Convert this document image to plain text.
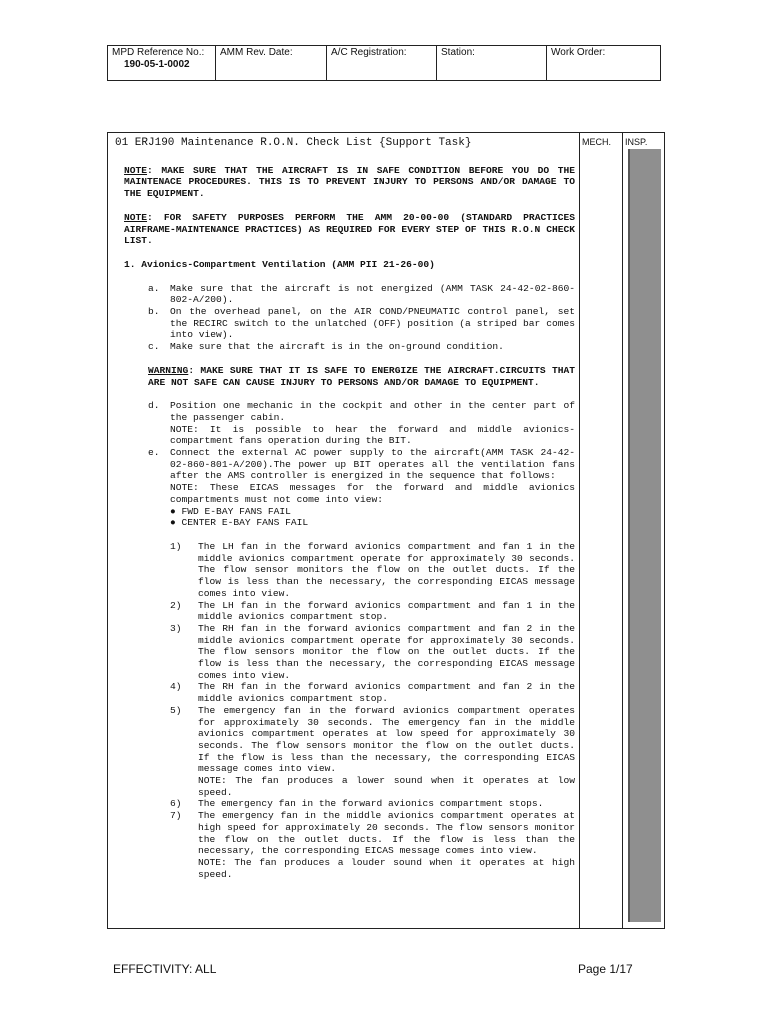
MPD Reference No.:
190-05-1-0002
AMM Rev. Date:	A/C Registration:	Station:	Work Order:
01 ERJ190 Maintenance R.O.N. Check List {Support Task}
NOTE: MAKE SURE THAT THE AIRCRAFT IS IN SAFE CONDITION BEFORE YOU DO THE MAINTENACE PROCEDURES. THIS IS TO PREVENT INJURY TO PERSONS AND/OR DAMAGE TO THE EQUIPMENT.
NOTE: FOR SAFETY PURPOSES PERFORM THE AMM 20-00-00 (STANDARD PRACTICES AIRFRAME-MAINTENANCE PRACTICES) AS REQUIRED FOR EVERY STEP OF THIS R.O.N CHECK LIST.
1. Avionics-Compartment Ventilation (AMM PII 21-26-00)
a.	Make sure that the aircraft is not energized (AMM TASK 24-42-02-860-802-A/200).
b.	On the overhead panel, on the AIR COND/PNEUMATIC control panel, set the RECIRC switch to the unlatched (OFF) position (a striped bar comes into view).
c.	Make sure that the aircraft is in the on-ground condition.
WARNING: MAKE SURE THAT IT IS SAFE TO ENERGIZE THE AIRCRAFT.CIRCUITS THAT ARE NOT SAFE CAN CAUSE INJURY TO PERSONS AND/OR DAMAGE TO EQUIPMENT.
d.	Position one mechanic in the cockpit and other in the center part of the passenger cabin.
NOTE: It is possible to hear the forward and middle avionics-compartment fans operation during the BIT.
e.	Connect the external AC power supply to the aircraft(AMM TASK 24-42-02-860-801-A/200).The power up BIT operates all the ventilation fans after the AMS controller is energized in the sequence that follows:
NOTE: These EICAS messages for the forward and middle avionics compartments must not come into view:
● FWD E-BAY FANS FAIL
● CENTER E-BAY FANS FAIL
1)	The LH fan in the forward avionics compartment and fan 1 in the middle avionics compartment operate for approximately 30 seconds. The flow sensor monitors the flow on the outlet ducts. If the flow is less than the necessary, the corresponding EICAS message comes into view.
2)	The LH fan in the forward avionics compartment and fan 1 in the middle avionics compartment stop.
3)	The RH fan in the forward avionics compartment and fan 2 in the middle avionics compartment operate for approximately 30 seconds. The flow sensors monitor the flow on the outlet ducts. If the flow is less than the necessary, the corresponding EICAS message comes into view.
4)	The RH fan in the forward avionics compartment and fan 2 in the middle avionics compartment stop.
5)	The emergency fan in the forward avionics compartment operates for approximately 30 seconds. The emergency fan in the middle avionics compartment operates at low speed for approximately 30 seconds. The flow sensors monitor the flow on the outlet ducts. If the flow is less than the necessary, the corresponding EICAS message comes into view.
NOTE: The fan produces a lower sound when it operates at low speed.
6)	The emergency fan in the forward avionics compartment stops.
7)	The emergency fan in the middle avionics compartment operates at high speed for approximately 20 seconds. The flow sensors monitor the flow on the outlet ducts. If the flow is less than the necessary, the corresponding EICAS message comes into view.
NOTE: The fan produces a louder sound when it operates at high speed.
MECH.	INSP.
EFFECTIVITY: ALL	Page 1/17
